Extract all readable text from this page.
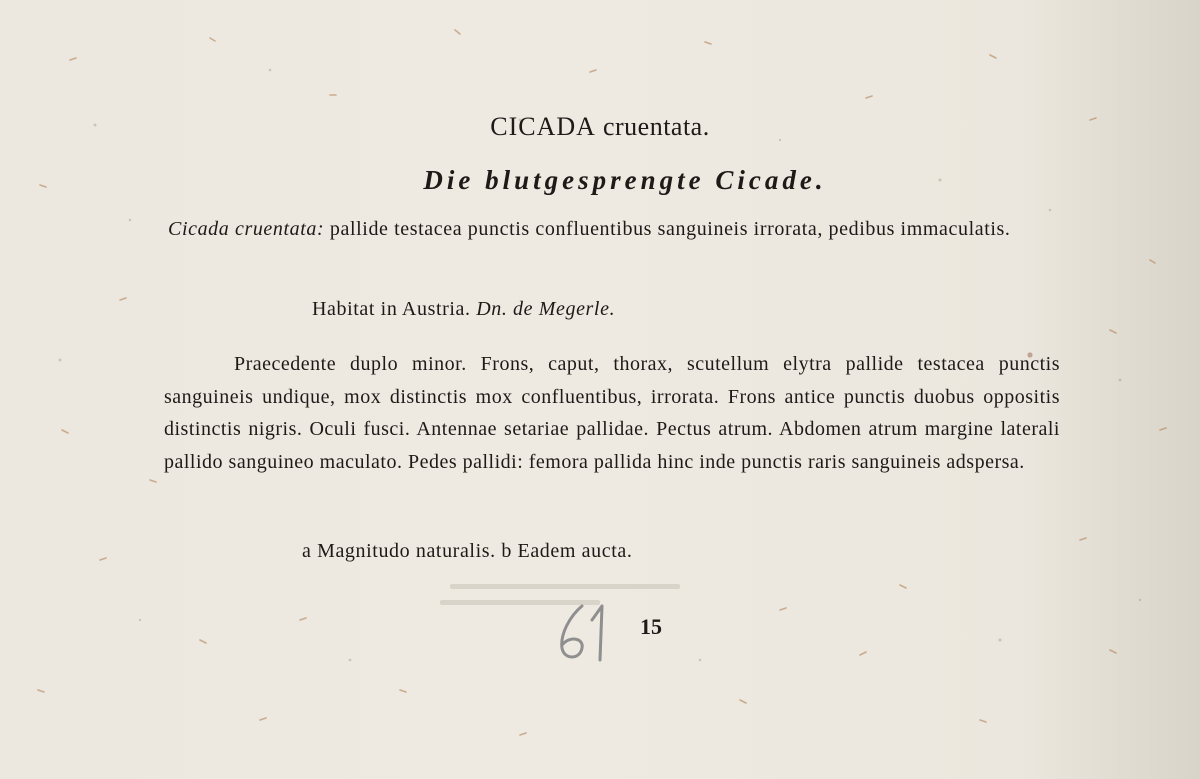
CICADA cruentata.
Die blutgesprengte Cicade.
Cicada cruentata: pallide testacea punctis confluentibus sanguineis irrorata, pedibus immaculatis.
Habitat in Austria. Dn. de Megerle.
Praecedente duplo minor. Frons, caput, thorax, scutellum elytra pallide testacea punctis sanguineis undique, mox distinctis mox confluentibus, irrorata. Frons antice punctis duobus oppositis distinctis nigris. Oculi fusci. Antennae setariae pallidae. Pectus atrum. Abdomen atrum margine laterali pallido sanguineo maculato. Pedes pallidi: femora pallida hinc inde punctis raris sanguineis adspersa.
a Magnitudo naturalis. b Eadem aucta.
61
15
